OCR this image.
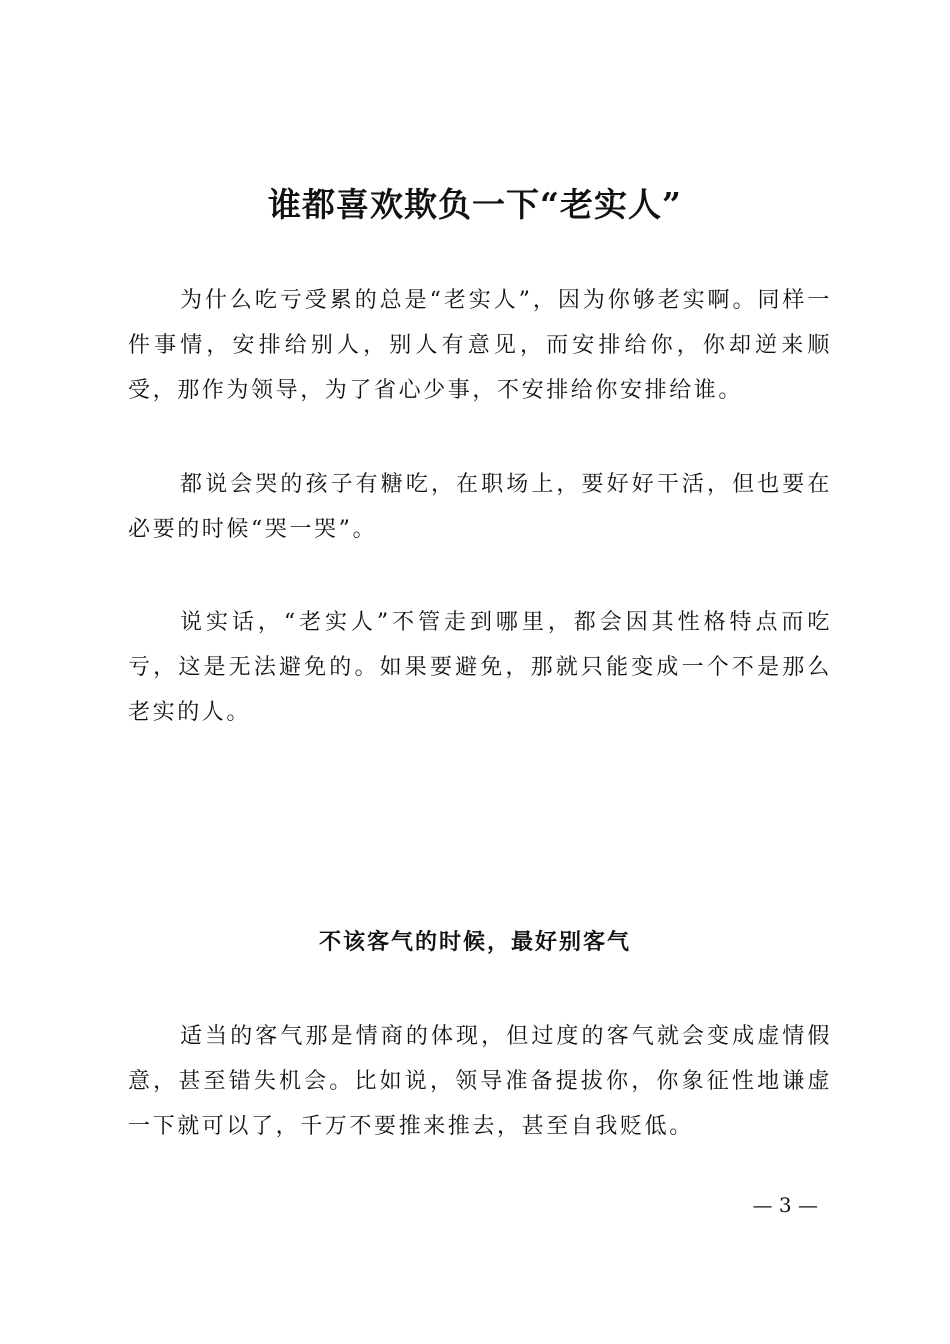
谁都喜欢欺负一下“老实人”

为什么吃亏受累的总是“老实人”，因为你够老实啊。同样一件事情，安排给别人，别人有意见，而安排给你，你却逆来顺受，那作为领导，为了省心少事，不安排给你安排给谁。

都说会哭的孩子有糖吃，在职场上，要好好干活，但也要在必要的时候“哭一哭”。

说实话，“老实人”不管走到哪里，都会因其性格特点而吃亏，这是无法避免的。如果要避免，那就只能变成一个不是那么老实的人。

不该客气的时候，最好别客气

适当的客气那是情商的体现，但过度的客气就会变成虚情假意，甚至错失机会。比如说，领导准备提拔你，你象征性地谦虚一下就可以了，千万不要推来推去，甚至自我贬低。

— 3 —
